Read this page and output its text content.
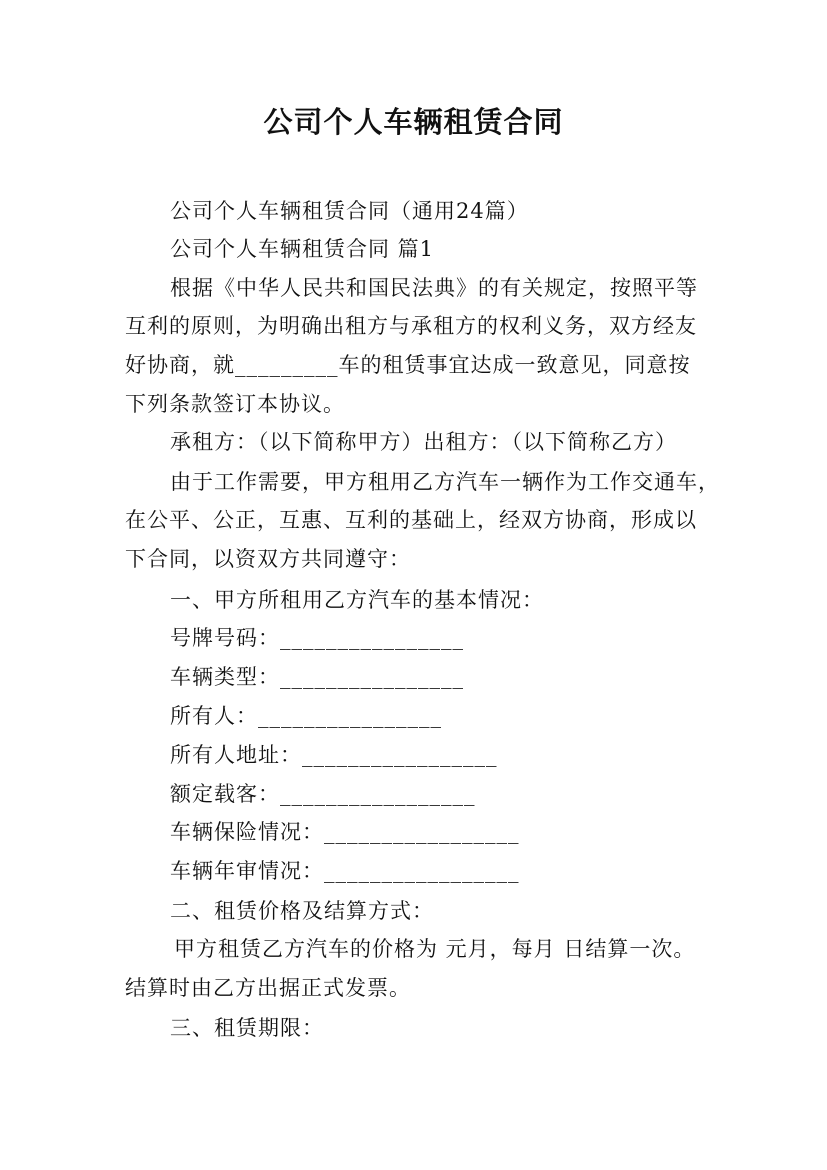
公司个人车辆租赁合同
公司个人车辆租赁合同（通用24篇）
公司个人车辆租赁合同 篇1
根据《中华人民共和国民法典》的有关规定，按照平等
互利的原则，为明确出租方与承租方的权利义务，双方经友
好协商，就_________车的租赁事宜达成一致意见，同意按
下列条款签订本协议。
承租方：（以下简称甲方）出租方：（以下简称乙方）
由于工作需要，甲方租用乙方汽车一辆作为工作交通车，
在公平、公正，互惠、互利的基础上，经双方协商，形成以
下合同，以资双方共同遵守：
一、甲方所租用乙方汽车的基本情况：
号牌号码：________________
车辆类型：________________
所有人：________________
所有人地址：_________________
额定载客：_________________
车辆保险情况：_________________
车辆年审情况：_________________
二、租赁价格及结算方式：
甲方租赁乙方汽车的价格为 元月，每月 日结算一次。
结算时由乙方出据正式发票。
三、租赁期限：
